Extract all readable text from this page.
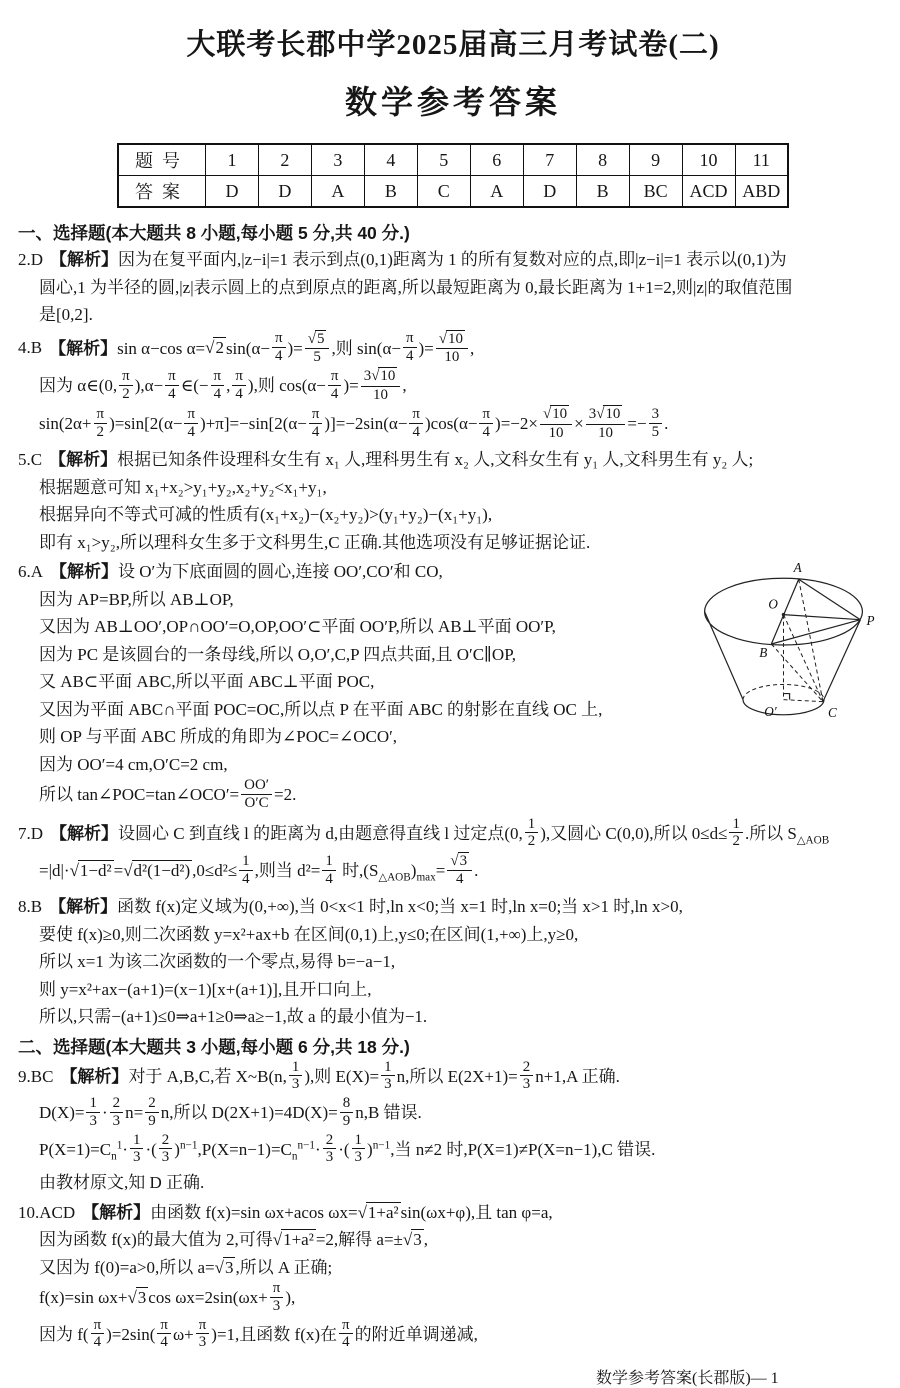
大联考长郡中学2025届高三月考试卷(二)
数学参考答案
题号	1	2	3	4	5	6	7	8	9	10	11
答案	D	D	A	B	C	A	D	B	BC	ACD	ABD
一、选择题(本大题共 8 小题,每小题 5 分,共 40 分.)
2.D 【解析】因为在复平面内,|z−i|=1 表示到点(0,1)距离为 1 的所有复数对应的点,即|z−i|=1 表示以(0,1)为
圆心,1 为半径的圆,|z|表示圆上的点到原点的距离,所以最短距离为 0,最长距离为 1+1=2,则|z|的取值范围
是[0,2].
4.B 【解析】sin α−cos α=√2 $\sin(\alpha- \frac{\pi}{4}$ )= $\frac{√5}{5}$ ,则 $\sin(\alpha- \frac{\pi}{4}$ )= $\frac{√10}{10}$ ,
因为 α∈(0, $\frac{\pi}{2} ),\alpha- \frac{\pi}{4}$ ∈(− $\frac{\pi}{4}$ , $\frac{\pi}{4}$ ),则 $\cos(\alpha- \frac{\pi}{4}$ )= $\frac{3√10}{10}$ ,
$\sin(2\alpha+ \frac{\pi}{2} )=\sin[2(\alpha- \frac{\pi}{4} )+\pi]=-\sin[2(\alpha- \frac{\pi}{4} )]=-2\sin(\alpha- \frac{\pi}{4} )\cos(\alpha- \frac{\pi}{4} )=-2\times \frac{√10}{10} \times \frac{3√10}{10} =- \frac{3}{5}$ .
5.C 【解析】根据已知条件设理科女生有 x₁ 人,理科男生有 x₂ 人,文科女生有 y₁ 人,文科男生有 y₂ 人;
根据题意可知 x₁+x₂>y₁+y₂,x₂+y₂<x₁+y₁,
根据异向不等式可减的性质有(x₁+x₂)−(x₂+y₂)>(y₁+y₂)−(x₁+y₁),
即有 x₁>y₂,所以理科女生多于文科男生,C 正确.其他选项没有足够证据论证.
A
O
P
B
O′	C
6.A 【解析】设 O′为下底面圆的圆心,连接 OO′,CO′和 CO,
因为 AP=BP,所以 AB⊥OP,
又因为 AB⊥OO′,OP∩OO′=O,OP,OO′⊂平面 OO′P,所以 AB⊥平面 OO′P,
因为 PC 是该圆台的一条母线,所以 O,O′,C,P 四点共面,且 O′C∥OP,
又 AB⊂平面 ABC,所以平面 ABC⊥平面 POC,
又因为平面 ABC∩平面 POC=OC,所以点 P 在平面 ABC 的射影在直线 OC 上,
则 OP 与平面 ABC 所成的角即为∠POC=∠OCO′,
因为 OO′=4 cm,O′C=2 cm,
所以 tan∠POC=tan∠OCO′= $\frac{OO'}{O'C} =2$.
7.D 【解析】设圆心 C 到直线 l 的距离为 d,由题意得直线 l 过定点(0, $\frac{1}{2}$ ),又圆心 C(0,0),所以 $0\le d\le \frac{1}{2}$ .所以 $S_{\triangle AOB}$
=|d|·√1−d² =√d²(1−d²) $,0\le d^2\le \frac{1}{4}$ ,则当 $d^2= \frac{1}{4}$ 时$,(S_{\triangle AOB})_{max}= \frac{√3}{4}$ .
8.B 【解析】函数 f(x)定义域为(0,+∞),当 0<x<1 时,ln x<0;当 x=1 时,ln x=0;当 x>1 时,ln x>0,
要使 f(x)≥0,则二次函数 y=x²+ax+b 在区间(0,1)上,y≤0;在区间(1,+∞)上,y≥0,
所以 x=1 为该二次函数的一个零点,易得 b=−a−1,
则 y=x²+ax−(a+1)=(x−1)[x+(a+1)],且开口向上,
所以,只需−(a+1)≤0⇒a+1≥0⇒a≥−1,故 a 的最小值为−1.
二、选择题(本大题共 3 小题,每小题 6 分,共 18 分.)
9.BC 【解析】对于 A,B,C,若 X~B(n, $\frac{1}{3}$ ),则 $E(X)= \frac{1}{3} n$,所以 $E(2X+1)= \frac{2}{3} n+1,A$ 正确.
$D(X)= \frac{1}{3} \cdot \frac{2}{3} n= \frac{2}{9} n$,所以 $D(2X+1)=4D(X)= \frac{8}{9} n,B$ 错误.
$P(X=1)=C_n^1\cdot \frac{1}{3}$ ·( $\frac{2}{3} )^{n-1},P(X=n-1)=C_n^{n-1}\cdot \frac{2}{3}$ ·( $\frac{1}{3} )^{n-1}$,当 n≠2 时,P(X=1)≠P(X=n−1),C 错误.
由教材原文,知 D 正确.
10.ACD 【解析】由函数 f(x)=sin ωx+acos ωx=√1+a² sin(ωx+φ),且 tan φ=a,
因为函数 f(x)的最大值为 2,可得√1+a² =2,解得 a=±√3 ,
又因为 f(0)=a>0,所以 a=√3 ,所以 A 正确;
f(x)=sin ωx+√3 $\cos \omega x=2\sin(\omega x+ \frac{\pi}{3}$ ),
因为 $f( \frac{\pi}{4} )=2\sin( \frac{\pi}{4} \omega+ \frac{\pi}{3} )=1$,且函数 f(x)在 $\frac{\pi}{4}$ 的附近单调递减,
数学参考答案(长郡版)— 1
